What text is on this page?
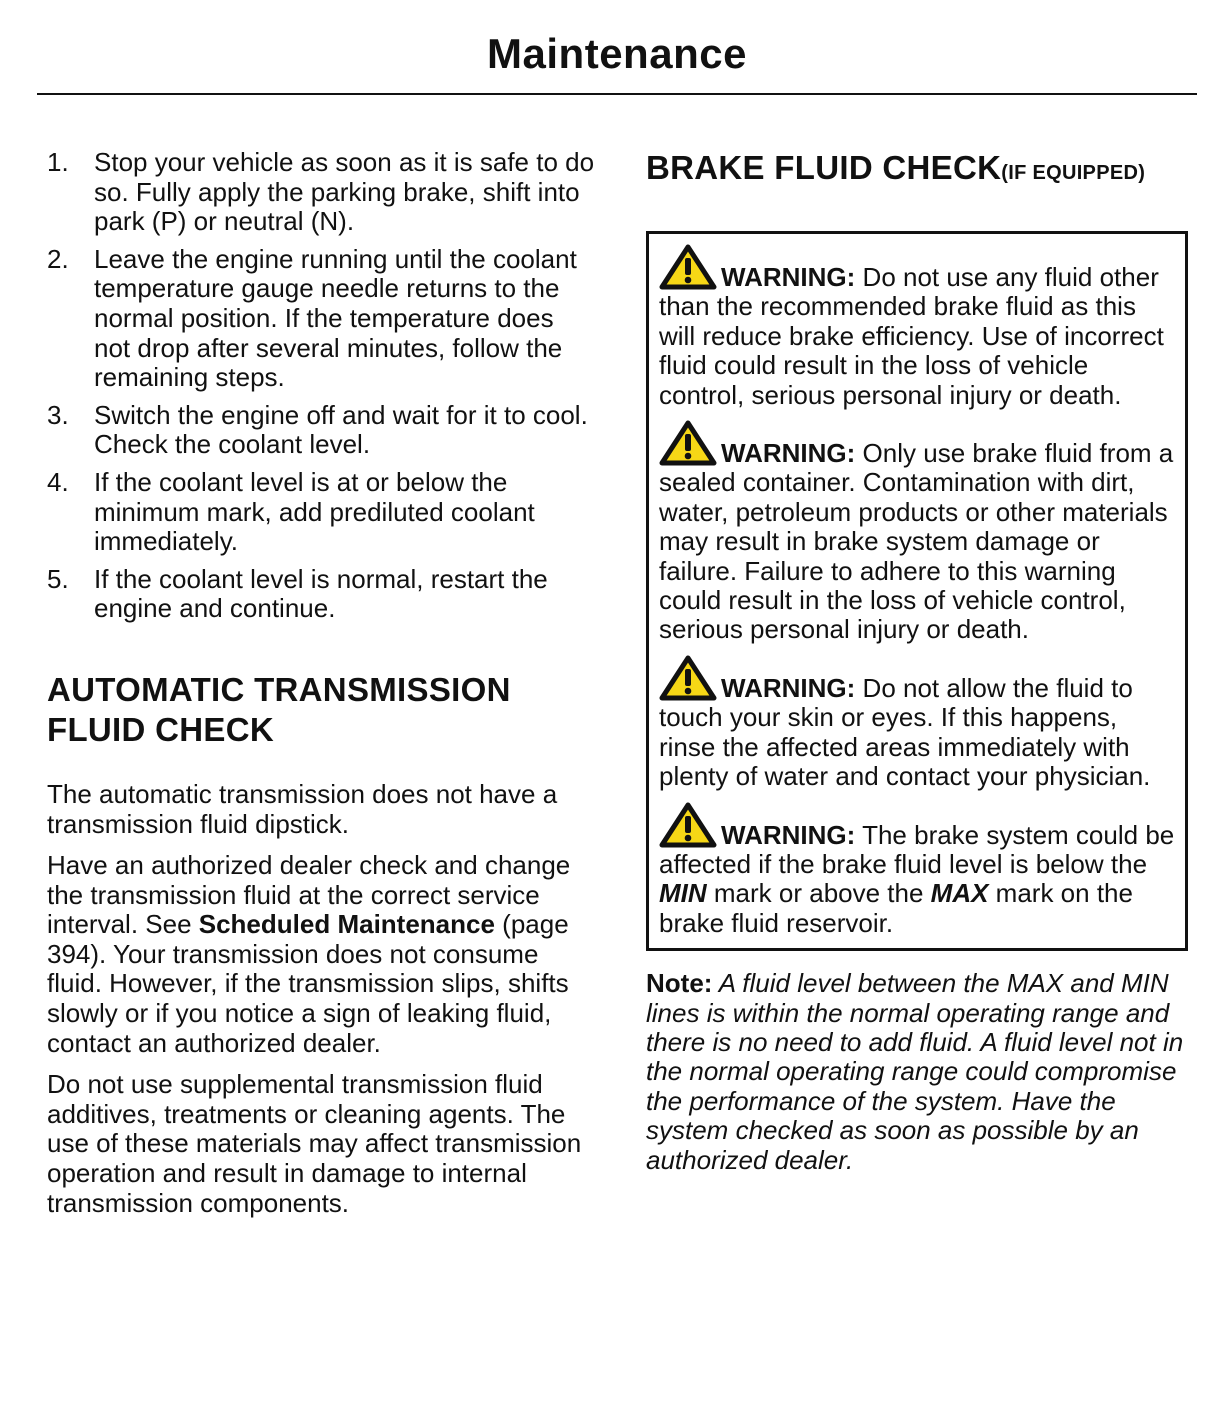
Maintenance
1. Stop your vehicle as soon as it is safe to do so. Fully apply the parking brake, shift into park (P) or neutral (N).
2. Leave the engine running until the coolant temperature gauge needle returns to the normal position. If the temperature does not drop after several minutes, follow the remaining steps.
3. Switch the engine off and wait for it to cool. Check the coolant level.
4. If the coolant level is at or below the minimum mark, add prediluted coolant immediately.
5. If the coolant level is normal, restart the engine and continue.
AUTOMATIC TRANSMISSION FLUID CHECK

The automatic transmission does not have a transmission fluid dipstick.

Have an authorized dealer check and change the transmission fluid at the correct service interval. See Scheduled Maintenance (page 394). Your transmission does not consume fluid. However, if the transmission slips, shifts slowly or if you notice a sign of leaking fluid, contact an authorized dealer.

Do not use supplemental transmission fluid additives, treatments or cleaning agents. The use of these materials may affect transmission operation and result in damage to internal transmission components.

BRAKE FLUID CHECK(IF EQUIPPED)
WARNING: Do not use any fluid other than the recommended brake fluid as this will reduce brake efficiency. Use of incorrect fluid could result in the loss of vehicle control, serious personal injury or death.
WARNING: Only use brake fluid from a sealed container. Contamination with dirt, water, petroleum products or other materials may result in brake system damage or failure. Failure to adhere to this warning could result in the loss of vehicle control, serious personal injury or death.
WARNING: Do not allow the fluid to touch your skin or eyes. If this happens, rinse the affected areas immediately with plenty of water and contact your physician.
WARNING: The brake system could be affected if the brake fluid level is below the MIN mark or above the MAX mark on the brake fluid reservoir.

Note: A fluid level between the MAX and MIN lines is within the normal operating range and there is no need to add fluid. A fluid level not in the normal operating range could compromise the performance of the system. Have the system checked as soon as possible by an authorized dealer.
